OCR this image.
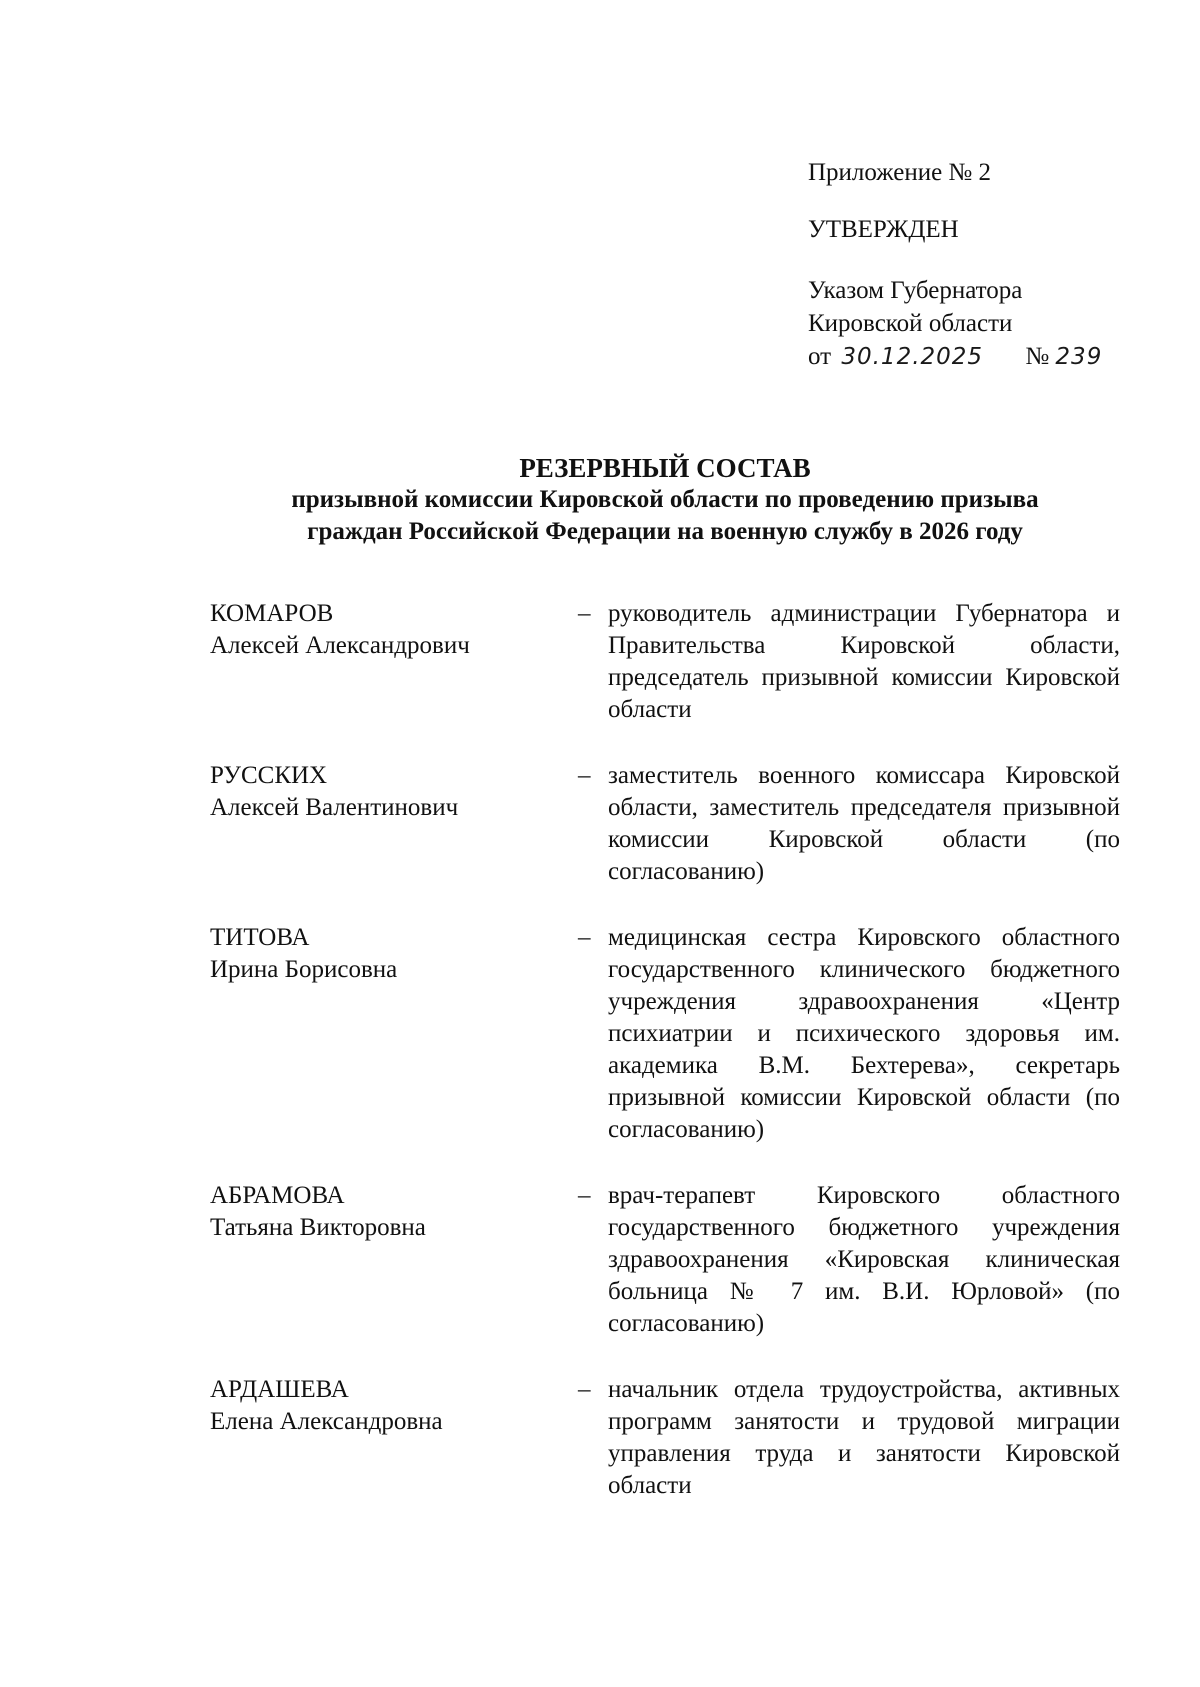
Приложение № 2
УТВЕРЖДЕН
Указом Губернатора
Кировской области
от 30.12.2025 № 239
РЕЗЕРВНЫЙ СОСТАВ
призывной комиссии Кировской области по проведению призыва
граждан Российской Федерации на военную службу в 2026 году
КОМАРОВ
Алексей Александрович
– руководитель администрации Губернатора и Правительства Кировской области, председатель призывной комиссии Кировской области
РУССКИХ
Алексей Валентинович
– заместитель военного комиссара Кировской области, заместитель председателя призывной комиссии Кировской области (по согласованию)
ТИТОВА
Ирина Борисовна
– медицинская сестра Кировского областного государственного клинического бюджетного учреждения здравоохранения «Центр психиатрии и психического здоровья им. академика В.М. Бехтерева», секретарь призывной комиссии Кировской области (по согласованию)
АБРАМОВА
Татьяна Викторовна
– врач-терапевт Кировского областного государственного бюджетного учреждения здравоохранения «Кировская клиническая больница № 7 им. В.И. Юрловой» (по согласованию)
АРДАШЕВА
Елена Александровна
– начальник отдела трудоустройства, активных программ занятости и трудовой миграции управления труда и занятости Кировской области
